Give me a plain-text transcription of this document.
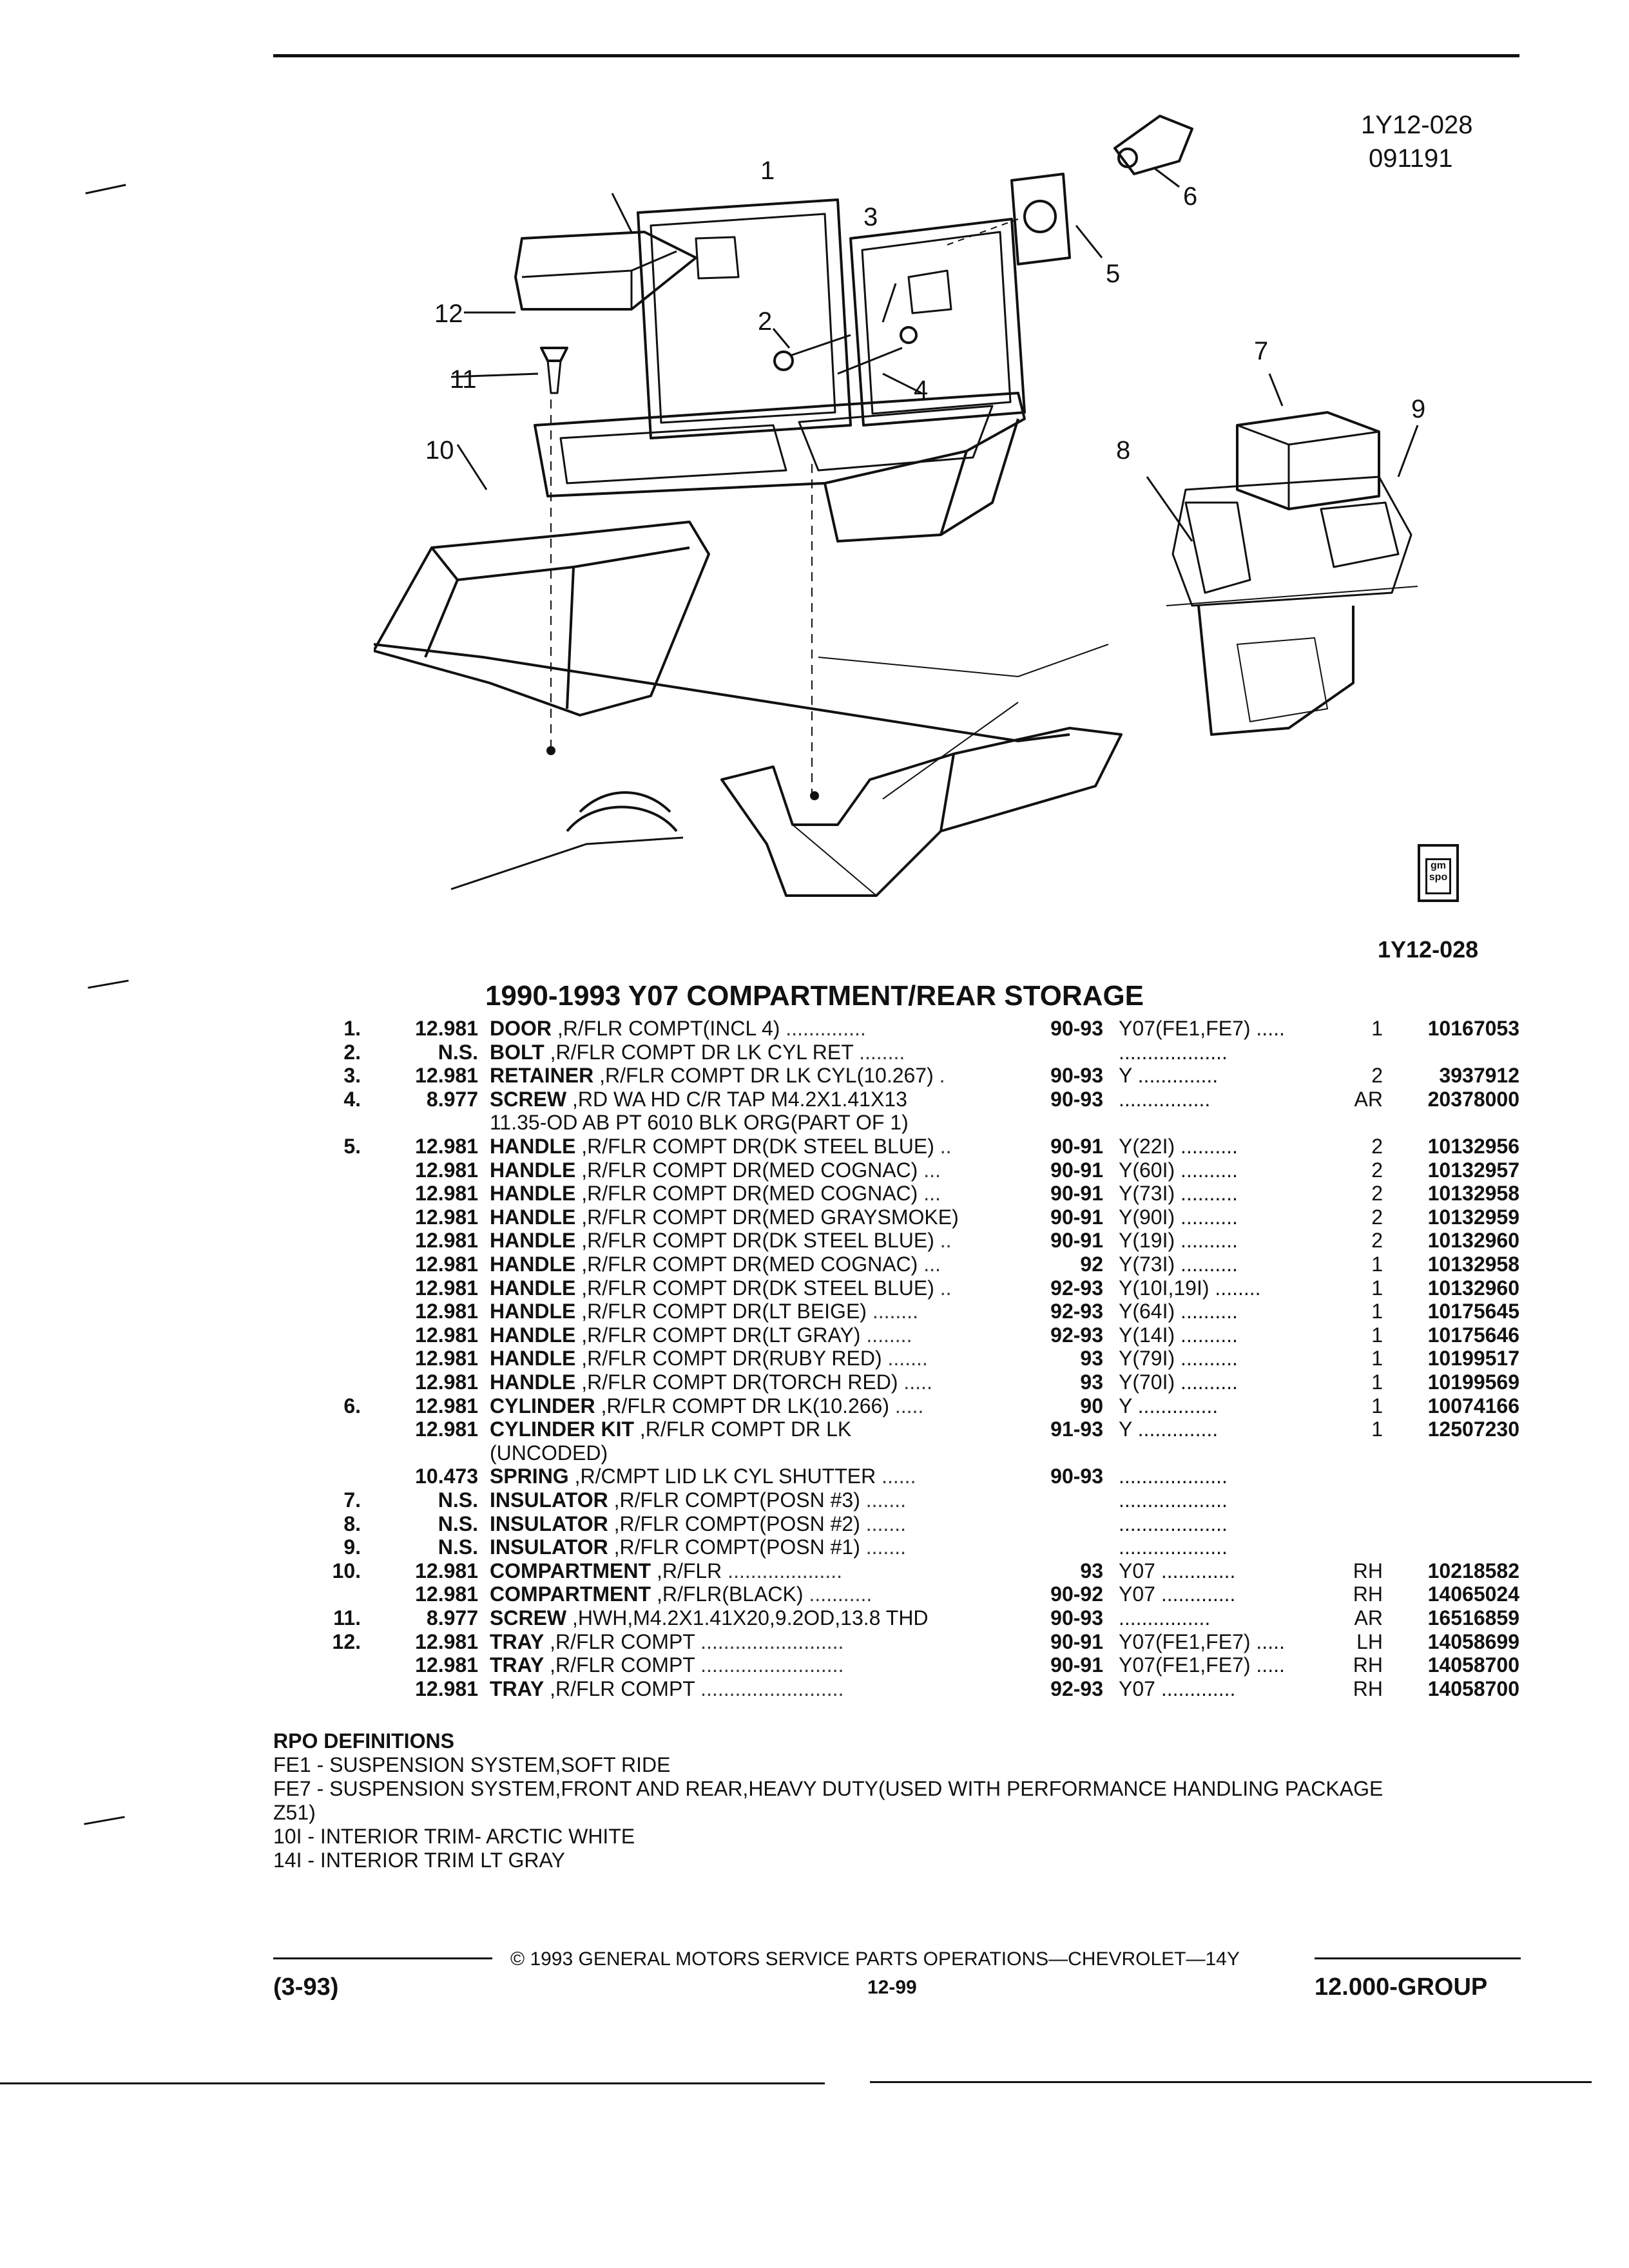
1Y12-028
091191
1
2
3
4
5
6
7
8
9
10
11
12
gm spo
1Y12-028
1990-1993 Y07 COMPARTMENT/REAR STORAGE
1.	12.981 DOOR ,R/FLR COMPT(INCL 4) ..............	90-93 Y07(FE1,FE7) .....	1 10167053
2.	N.S. BOLT ,R/FLR COMPT DR LK CYL RET ........	...................
3.	12.981 RETAINER ,R/FLR COMPT DR LK CYL(10.267) .	90-93 Y ..............	2	3937912
4.	8.977 SCREW ,RD WA HD C/R TAP M4.2X1.41X13	90-93 ................	AR 20378000
11.35-OD AB PT 6010 BLK ORG(PART OF 1)
5.	12.981 HANDLE ,R/FLR COMPT DR(DK STEEL BLUE) ..	90-91 Y(22I) ..........	2 10132956
12.981 HANDLE ,R/FLR COMPT DR(MED COGNAC) ...	90-91 Y(60I) ..........	2 10132957
12.981 HANDLE ,R/FLR COMPT DR(MED COGNAC) ...	90-91 Y(73I) ..........	2 10132958
12.981 HANDLE ,R/FLR COMPT DR(MED GRAYSMOKE)	90-91 Y(90I) ..........	2 10132959
12.981 HANDLE ,R/FLR COMPT DR(DK STEEL BLUE) ..	90-91 Y(19I) ..........	2 10132960
12.981 HANDLE ,R/FLR COMPT DR(MED COGNAC) ...	92 Y(73I) ..........	1 10132958
12.981 HANDLE ,R/FLR COMPT DR(DK STEEL BLUE) ..	92-93 Y(10I,19I) ........	1 10132960
12.981 HANDLE ,R/FLR COMPT DR(LT BEIGE) ........	92-93 Y(64I) ..........	1 10175645
12.981 HANDLE ,R/FLR COMPT DR(LT GRAY) ........	92-93 Y(14I) ..........	1 10175646
12.981 HANDLE ,R/FLR COMPT DR(RUBY RED) .......	93 Y(79I) ..........	1 10199517
12.981 HANDLE ,R/FLR COMPT DR(TORCH RED) .....	93 Y(70I) ..........	1 10199569
6.	12.981 CYLINDER ,R/FLR COMPT DR LK(10.266) .....	90 Y ..............	1 10074166
12.981 CYLINDER KIT ,R/FLR COMPT DR LK	91-93 Y ..............	1 12507230
(UNCODED)
10.473 SPRING ,R/CMPT LID LK CYL SHUTTER ......	90-93 ...................
7.	N.S. INSULATOR ,R/FLR COMPT(POSN #3) .......	...................
8.	N.S. INSULATOR ,R/FLR COMPT(POSN #2) .......	...................
9.	N.S. INSULATOR ,R/FLR COMPT(POSN #1) .......	...................
10.	12.981 COMPARTMENT ,R/FLR ....................	93 Y07 .............	RH 10218582
12.981 COMPARTMENT ,R/FLR(BLACK) ...........	90-92 Y07 .............	RH 14065024
11.	8.977 SCREW ,HWH,M4.2X1.41X20,9.2OD,13.8 THD	90-93 ................	AR 16516859
12.	12.981 TRAY ,R/FLR COMPT .........................	90-91 Y07(FE1,FE7) .....	LH 14058699
12.981 TRAY ,R/FLR COMPT .........................	90-91 Y07(FE1,FE7) .....	RH 14058700
12.981 TRAY ,R/FLR COMPT .........................	92-93 Y07 .............	RH 14058700
RPO DEFINITIONS
FE1 - SUSPENSION SYSTEM,SOFT RIDE
FE7 - SUSPENSION SYSTEM,FRONT AND REAR,HEAVY DUTY(USED WITH PERFORMANCE HANDLING PACKAGE
Z51)
10I - INTERIOR TRIM- ARCTIC WHITE
14I - INTERIOR TRIM LT GRAY
© 1993 GENERAL MOTORS SERVICE PARTS OPERATIONS—CHEVROLET—14Y
(3-93)	12-99	12.000-GROUP
